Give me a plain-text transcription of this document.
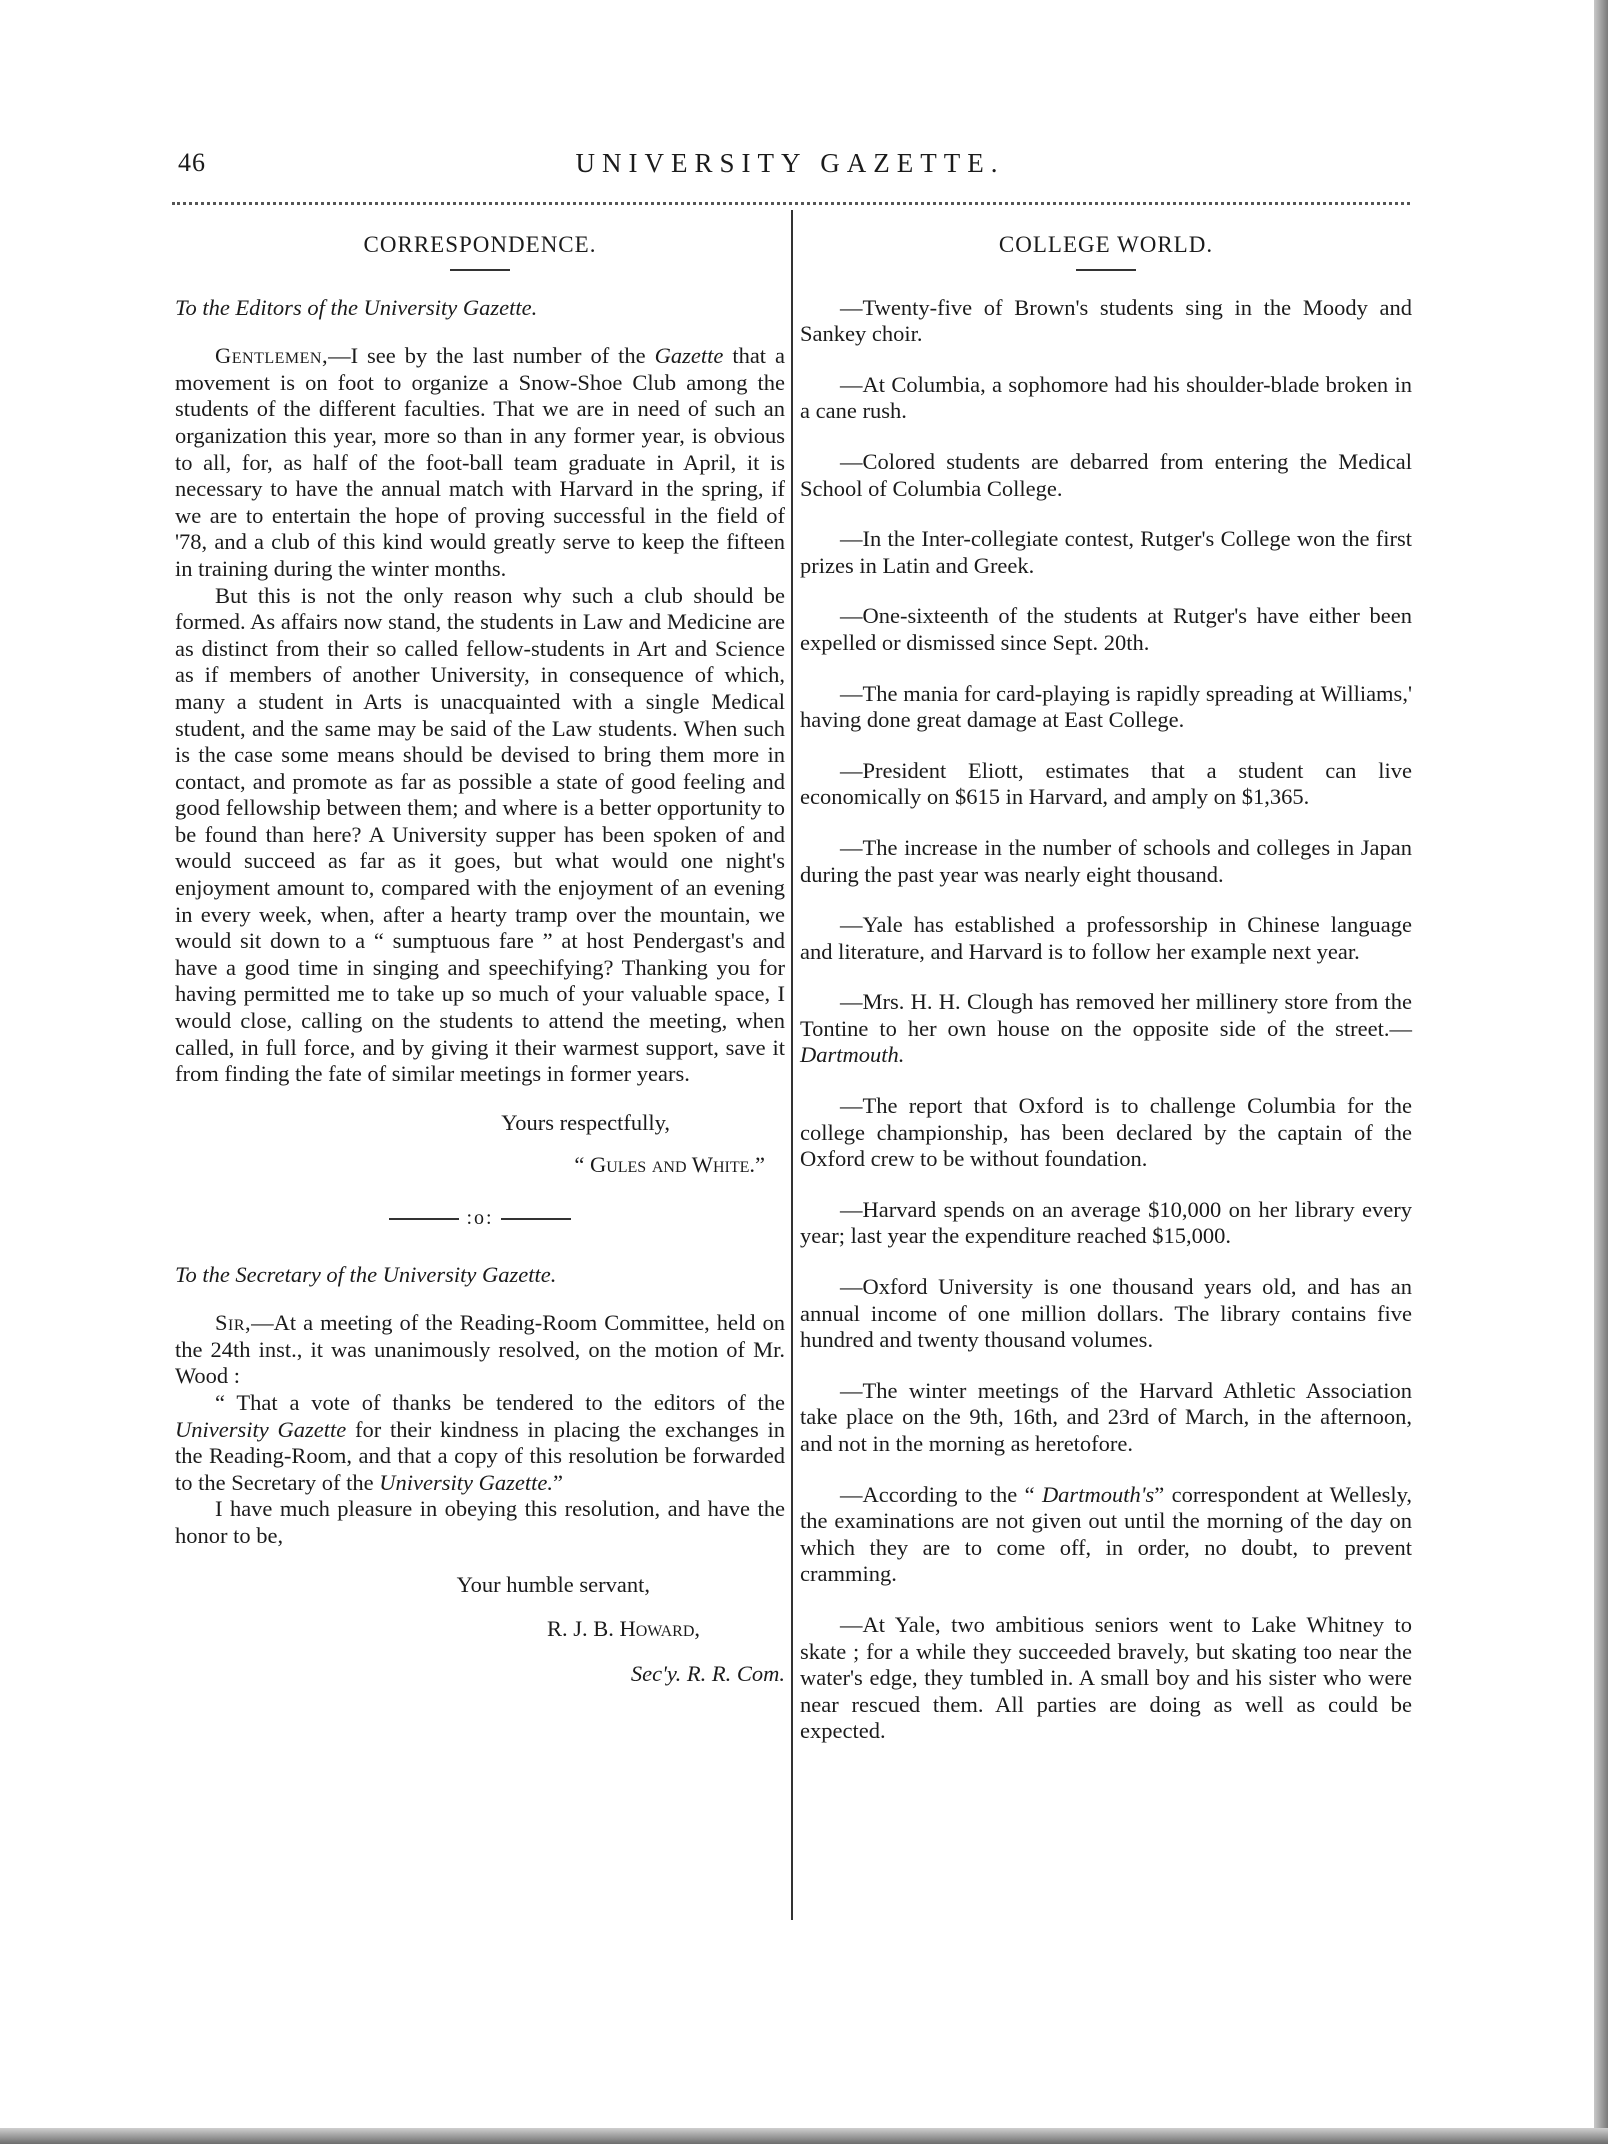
46	UNIVERSITY GAZETTE.
CORRESPONDENCE.

To the Editors of the University Gazette.

Gentlemen,—I see by the last number of the Gazette that a movement is on foot to organize a Snow-Shoe Club among the students of the different faculties. That we are in need of such an organization this year, more so than in any former year, is obvious to all, for, as half of the foot-ball team graduate in April, it is necessary to have the annual match with Harvard in the spring, if we are to entertain the hope of proving successful in the field of '78, and a club of this kind would greatly serve to keep the fifteen in training during the winter months.

But this is not the only reason why such a club should be formed. As affairs now stand, the students in Law and Medicine are as distinct from their so called fellow-students in Art and Science as if members of another University, in consequence of which, many a student in Arts is unacquainted with a single Medical student, and the same may be said of the Law students. When such is the case some means should be devised to bring them more in contact, and promote as far as possible a state of good feeling and good fellowship between them; and where is a better opportunity to be found than here? A University supper has been spoken of and would succeed as far as it goes, but what would one night's enjoyment amount to, compared with the enjoyment of an evening in every week, when, after a hearty tramp over the mountain, we would sit down to a “ sumptuous fare ” at host Pendergast's and have a good time in singing and speechifying? Thanking you for having permitted me to take up so much of your valuable space, I would close, calling on the students to attend the meeting, when called, in full force, and by giving it their warmest support, save it from finding the fate of similar meetings in former years.

Yours respectfully,

“ Gules and White.”

:o:

To the Secretary of the University Gazette.

Sir,—At a meeting of the Reading-Room Committee, held on the 24th inst., it was unanimously resolved, on the motion of Mr. Wood :

“ That a vote of thanks be tendered to the editors of the University Gazette for their kindness in placing the exchanges in the Reading-Room, and that a copy of this resolution be forwarded to the Secretary of the University Gazette.”

I have much pleasure in obeying this resolution, and have the honor to be,

Your humble servant,

R. J. B. Howard,

Sec'y. R. R. Com.

COLLEGE WORLD.

—Twenty-five of Brown's students sing in the Moody and Sankey choir.

—At Columbia, a sophomore had his shoulder-blade broken in a cane rush.

—Colored students are debarred from entering the Medical School of Columbia College.

—In the Inter-collegiate contest, Rutger's College won the first prizes in Latin and Greek.

—One-sixteenth of the students at Rutger's have either been expelled or dismissed since Sept. 20th.

—The mania for card-playing is rapidly spreading at Williams,' having done great damage at East College.

—President Eliott, estimates that a student can live economically on $615 in Harvard, and amply on $1,365.

—The increase in the number of schools and colleges in Japan during the past year was nearly eight thousand.

—Yale has established a professorship in Chinese language and literature, and Harvard is to follow her example next year.

—Mrs. H. H. Clough has removed her millinery store from the Tontine to her own house on the opposite side of the street.—Dartmouth.

—The report that Oxford is to challenge Columbia for the college championship, has been declared by the captain of the Oxford crew to be without foundation.

—Harvard spends on an average $10,000 on her library every year; last year the expenditure reached $15,000.

—Oxford University is one thousand years old, and has an annual income of one million dollars. The library contains five hundred and twenty thousand volumes.

—The winter meetings of the Harvard Athletic Association take place on the 9th, 16th, and 23rd of March, in the afternoon, and not in the morning as heretofore.

—According to the “ Dartmouth's” correspondent at Wellesly, the examinations are not given out until the morning of the day on which they are to come off, in order, no doubt, to prevent cramming.

—At Yale, two ambitious seniors went to Lake Whitney to skate ; for a while they succeeded bravely, but skating too near the water's edge, they tumbled in. A small boy and his sister who were near rescued them. All parties are doing as well as could be expected.
